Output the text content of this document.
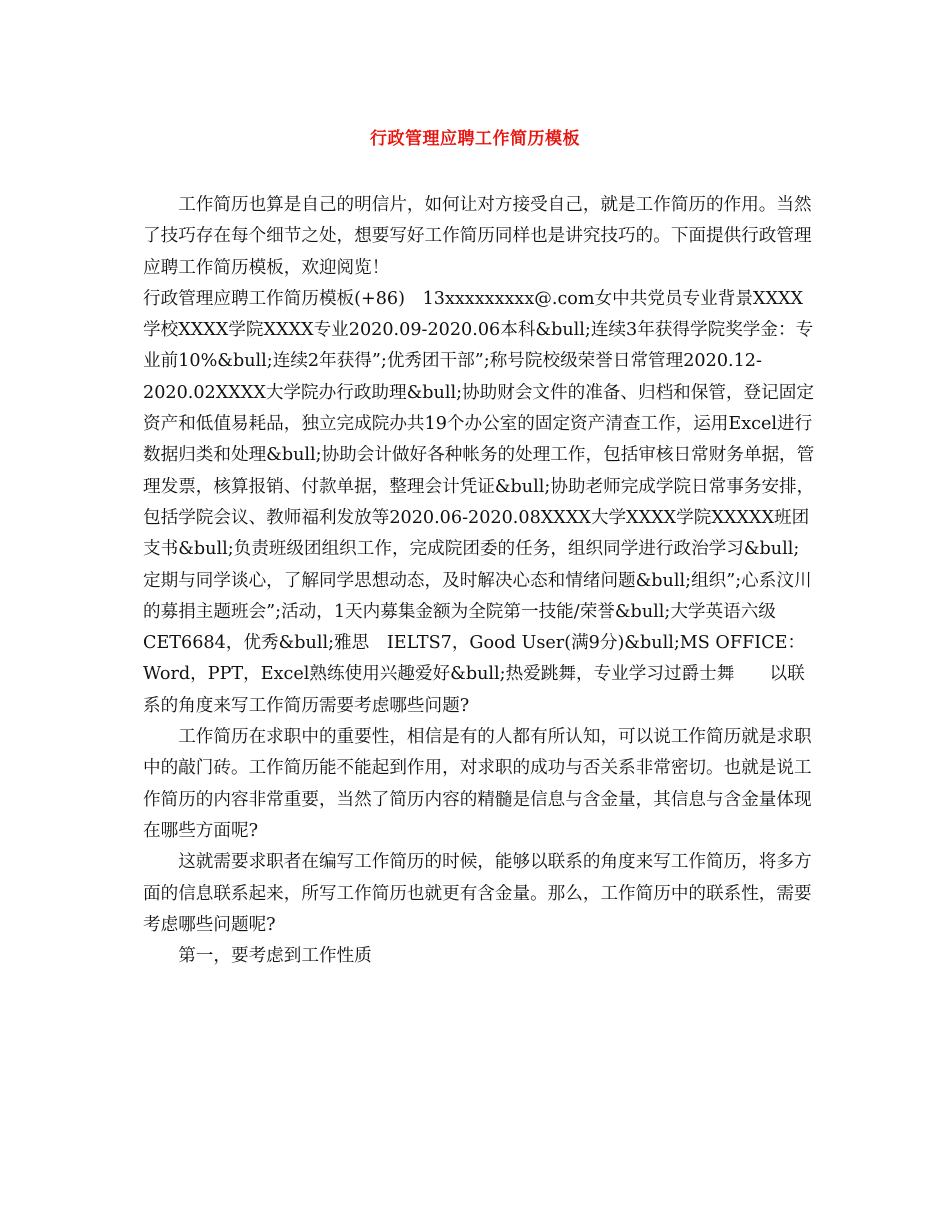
行政管理应聘工作简历模板

工作简历也算是自己的明信片，如何让对方接受自己，就是工作简历的作用。当然了技巧存在每个细节之处，想要写好工作简历同样也是讲究技巧的。下面提供行政管理应聘工作简历模板，欢迎阅览！

行政管理应聘工作简历模板(+86)　13xxxxxxxxx@.com女中共党员专业背景XXXX学校XXXX学院XXXX专业2020.09-2020.06本科&bull;连续3年获得学院奖学金：专业前10%&bull;连续2年获得”;优秀团干部”;称号院校级荣誉日常管理2020.12-2020.02XXXX大学院办行政助理&bull;协助财会文件的准备、归档和保管，登记固定资产和低值易耗品，独立完成院办共19个办公室的固定资产清查工作，运用Excel进行数据归类和处理&bull;协助会计做好各种帐务的处理工作，包括审核日常财务单据，管理发票，核算报销、付款单据，整理会计凭证&bull;协助老师完成学院日常事务安排，包括学院会议、教师福利发放等2020.06-2020.08XXXX大学XXXX学院XXXXX班团支书&bull;负责班级团组织工作，完成院团委的任务，组织同学进行政治学习&bull;定期与同学谈心，了解同学思想动态，及时解决心态和情绪问题&bull;组织”;心系汶川的募捐主题班会”;活动，1天内募集金额为全院第一技能/荣誉&bull;大学英语六级　CET6684，优秀&bull;雅思　IELTS7，Good User(满9分)&bull;MS OFFICE：Word，PPT，Excel熟练使用兴趣爱好&bull;热爱跳舞，专业学习过爵士舞　　以联系的角度来写工作简历需要考虑哪些问题?

工作简历在求职中的重要性，相信是有的人都有所认知，可以说工作简历就是求职中的敲门砖。工作简历能不能起到作用，对求职的成功与否关系非常密切。也就是说工作简历的内容非常重要，当然了简历内容的精髓是信息与含金量，其信息与含金量体现在哪些方面呢?

这就需要求职者在编写工作简历的时候，能够以联系的角度来写工作简历，将多方面的信息联系起来，所写工作简历也就更有含金量。那么，工作简历中的联系性，需要考虑哪些问题呢?

第一，要考虑到工作性质
